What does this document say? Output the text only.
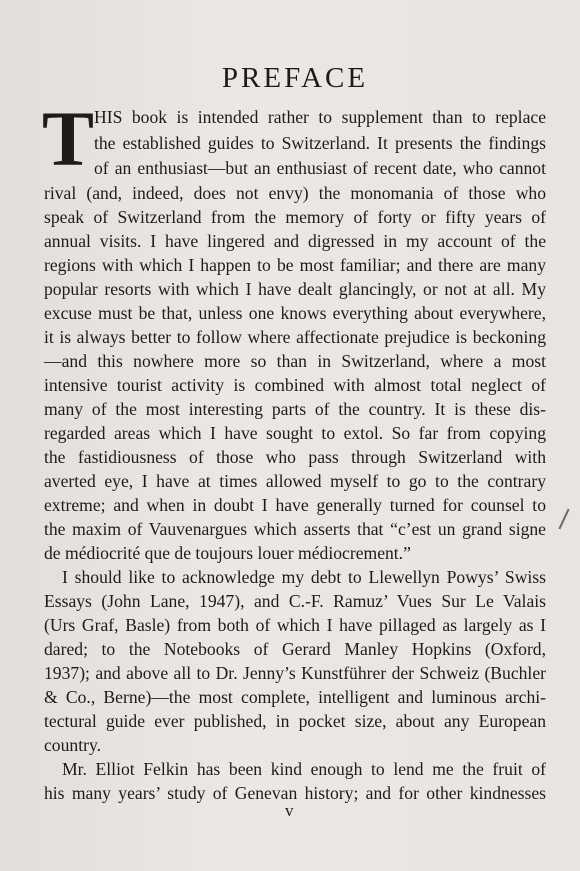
PREFACE
T HIS book is intended rather to supplement than to replace
the established guides to Switzerland. It presents the findings
of an enthusiast—but an enthusiast of recent date, who cannot
rival (and, indeed, does not envy) the monomania of those who
speak of Switzerland from the memory of forty or fifty years of
annual visits. I have lingered and digressed in my account of the
regions with which I happen to be most familiar; and there are many
popular resorts with which I have dealt glancingly, or not at all. My
excuse must be that, unless one knows everything about everywhere,
it is always better to follow where affectionate prejudice is beckoning
—and this nowhere more so than in Switzerland, where a most
intensive tourist activity is combined with almost total neglect of
many of the most interesting parts of the country. It is these dis-
regarded areas which I have sought to extol. So far from copying
the fastidiousness of those who pass through Switzerland with
averted eye, I have at times allowed myself to go to the contrary
extreme; and when in doubt I have generally turned for counsel to
the maxim of Vauvenargues which asserts that “c’est un grand signe
de médiocrité que de toujours louer médiocrement.”
I should like to acknowledge my debt to Llewellyn Powys’ Swiss
Essays (John Lane, 1947), and C.-F. Ramuz’ Vues Sur Le Valais
(Urs Graf, Basle) from both of which I have pillaged as largely as I
dared; to the Notebooks of Gerard Manley Hopkins (Oxford,
1937); and above all to Dr. Jenny’s Kunstführer der Schweiz (Buchler
& Co., Berne)—the most complete, intelligent and luminous archi-
tectural guide ever published, in pocket size, about any European
country.
Mr. Elliot Felkin has been kind enough to lend me the fruit of
his many years’ study of Genevan history; and for other kindnesses
v
